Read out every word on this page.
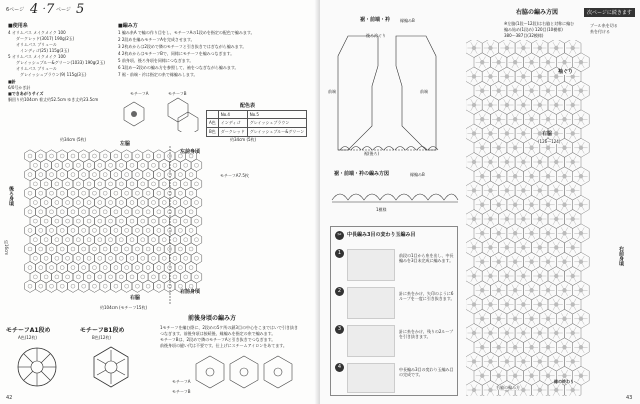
6ページ 4 ・ 7 ページ 5
■使用糸
4 オリムパス メイクメイク 100
ダークレッド(3017) 190g(2玉)
オリムパス ブリュール
インディゴ(25) 115g(3玉)
5 オリムパス メイクメイク 100
グレイッシュブルー&グリーン(1033) 190g(2玉)
オリムパス ブリュール
グレイッシュブラウン(9) 115g(3玉)
■針
6/0号かぎ針
■できあがりサイズ
胴回り約104cm 着丈約52.5cm ゆき丈約23.5cm
■編み方
1 編み糸A で輪の作り目をし、モチーフAの1段めを指定の配色で編みます。
2 2段めを編みモチーフAを完成させます。
3 2枚めからは2段めで隣のモチーフと引き抜きではぎながら編みます。
4 2枚めからはモチーフBで、同様にモチーフを編みつなぎます。
5 前身頃、後ろ身頃を同様につなぎます。
6 1段め～2段めの編み方を参照して、袖をつなぎながら編みます。
7 裾・前端・衿は指定の糸で縁編みします。
モチーフA	モチーフB
配色表
	No.4	No.5
A色	インディゴ	グレイッシュブラウン
B色	ダークレッド	グレイッシュブルー&グリーン
左脇
左前身頃
後ろ身頃
右脇
右前身頃
約34cm (5枚)	約34cm (5枚)
約16cm
約104cm (モチーフ15枚)
モチーフA7.5枚
モチーフA1段め
A色(12枚)
モチーフB1段め
B色(12枚)
前後身頃の編み方
1モチーフを編む際に、2段めの5ケ所の鎖3目の中心をこまではいで引き抜き
つなぎます。前後身頃は接続後、縁編みを指定の糸で編みます。
モチーフBは、2段めで隣のモチーフAと引き抜きでつなぎます。
前後身頃の縫い代は不要です。仕上げにスチームアイロンをあてます。
モチーフA
モチーフB
42
裾・前端・衿 縁編みB
後ろ衿ぐり
前端	前端
裾(後ろ)
裾・前端・衿の編み方図	縁編みB
1模様
✂	中長編み3目の変わり玉編み目
1	前段の1目から糸を出し、中長編みを3目未完成に編みます。
2	針に糸をかけ、矢印のように6ループを一度に引き抜きます。
3	針に糸をかけ、残りの2ループを引き抜きます。
4	中長編み3目の変わり玉編み目の完成です。
右脇の編み方図	次ページに続きます
※左脇(1段～12段)は右脇と対称に編む
編み始め(1段め) 120目(10模様)
380～387目(32模様)
ブール糸を切る
糸を付ける
袖ぐり
右脇
(126～124)
右前身頃
縁の終わり
右脇の編み方
43
